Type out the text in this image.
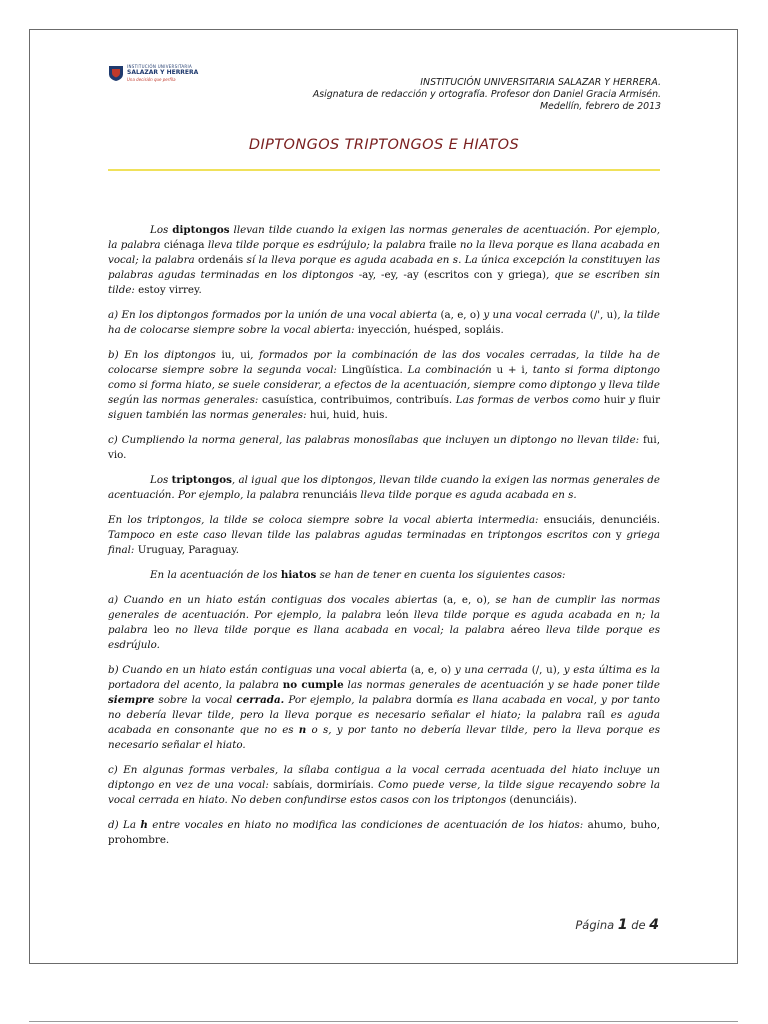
INSTITUCIÓN UNIVERSITARIA
SALAZAR Y HERRERA
Una decisión que perfila	INSTITUCIÓN UNIVERSITARIA SALAZAR Y HERRERA.
Asignatura de redacción y ortografía. Profesor don Daniel Gracia Armisén.
Medellín, febrero de 2013
DIPTONGOS TRIPTONGOS E HIATOS

Los diptongos llevan tilde cuando la exigen las normas generales de acentuación. Por ejemplo, la palabra ciénaga lleva tilde porque es esdrújulo; la palabra fraile no la lleva porque es llana acabada en vocal; la palabra ordenáis sí la lleva porque es aguda acabada en s. La única excepción la constituyen las palabras agudas terminadas en los diptongos -ay, -ey, -ay (escritos con y griega), que se escriben sin tilde: estoy virrey.

a) En los diptongos formados por la unión de una vocal abierta (a, e, o) y una vocal cerrada (/', u), la tilde ha de colocarse siempre sobre la vocal abierta: inyección, huésped, sopláis.

b) En los diptongos iu, ui, formados por la combinación de las dos vocales cerradas, la tilde ha de colocarse siempre sobre la segunda vocal: Lingüística. La combinación u + i, tanto si forma diptongo como si forma hiato, se suele considerar, a efectos de la acentuación, siempre como diptongo y lleva tilde según las normas generales: casuística, contribuimos, contribuís. Las formas de verbos como huir y fluir siguen también las normas generales: hui, huid, huis.

c) Cumpliendo la norma general, las palabras monosílabas que incluyen un diptongo no llevan tilde: fui, vio.

Los triptongos, al igual que los diptongos, llevan tilde cuando la exigen las normas generales de acentuación. Por ejemplo, la palabra renunciáis lleva tilde porque es aguda acabada en s.

En los triptongos, la tilde se coloca siempre sobre la vocal abierta intermedia: ensuciáis, denunciéis. Tampoco en este caso llevan tilde las palabras agudas terminadas en triptongos escritos con y griega final: Uruguay, Paraguay.

En la acentuación de los hiatos se han de tener en cuenta los siguientes casos:

a) Cuando en un hiato están contiguas dos vocales abiertas (a, e, o), se han de cumplir las normas generales de acentuación. Por ejemplo, la palabra león lleva tilde porque es aguda acabada en n; la palabra leo no lleva tilde porque es llana acabada en vocal; la palabra aéreo lleva tilde porque es esdrújulo.

b) Cuando en un hiato están contiguas una vocal abierta (a, e, o) y una cerrada (/, u), y esta última es la portadora del acento, la palabra no cumple las normas generales de acentuación y se hade poner tilde siempre sobre la vocal cerrada. Por ejemplo, la palabra dormía es llana acabada en vocal, y por tanto no debería llevar tilde, pero la lleva porque es necesario señalar el hiato; la palabra raíl es aguda acabada en consonante que no es n o s, y por tanto no debería llevar tilde, pero la lleva porque es necesario señalar el hiato.

c) En algunas formas verbales, la sílaba contigua a la vocal cerrada acentuada del hiato incluye un diptongo en vez de una vocal: sabíais, dormiríais. Como puede verse, la tilde sigue recayendo sobre la vocal cerrada en hiato. No deben confundirse estos casos con los triptongos (denunciáis).

d) La h entre vocales en hiato no modifica las condiciones de acentuación de los hiatos: ahumo, buho, prohombre.

Página 1 de 4
